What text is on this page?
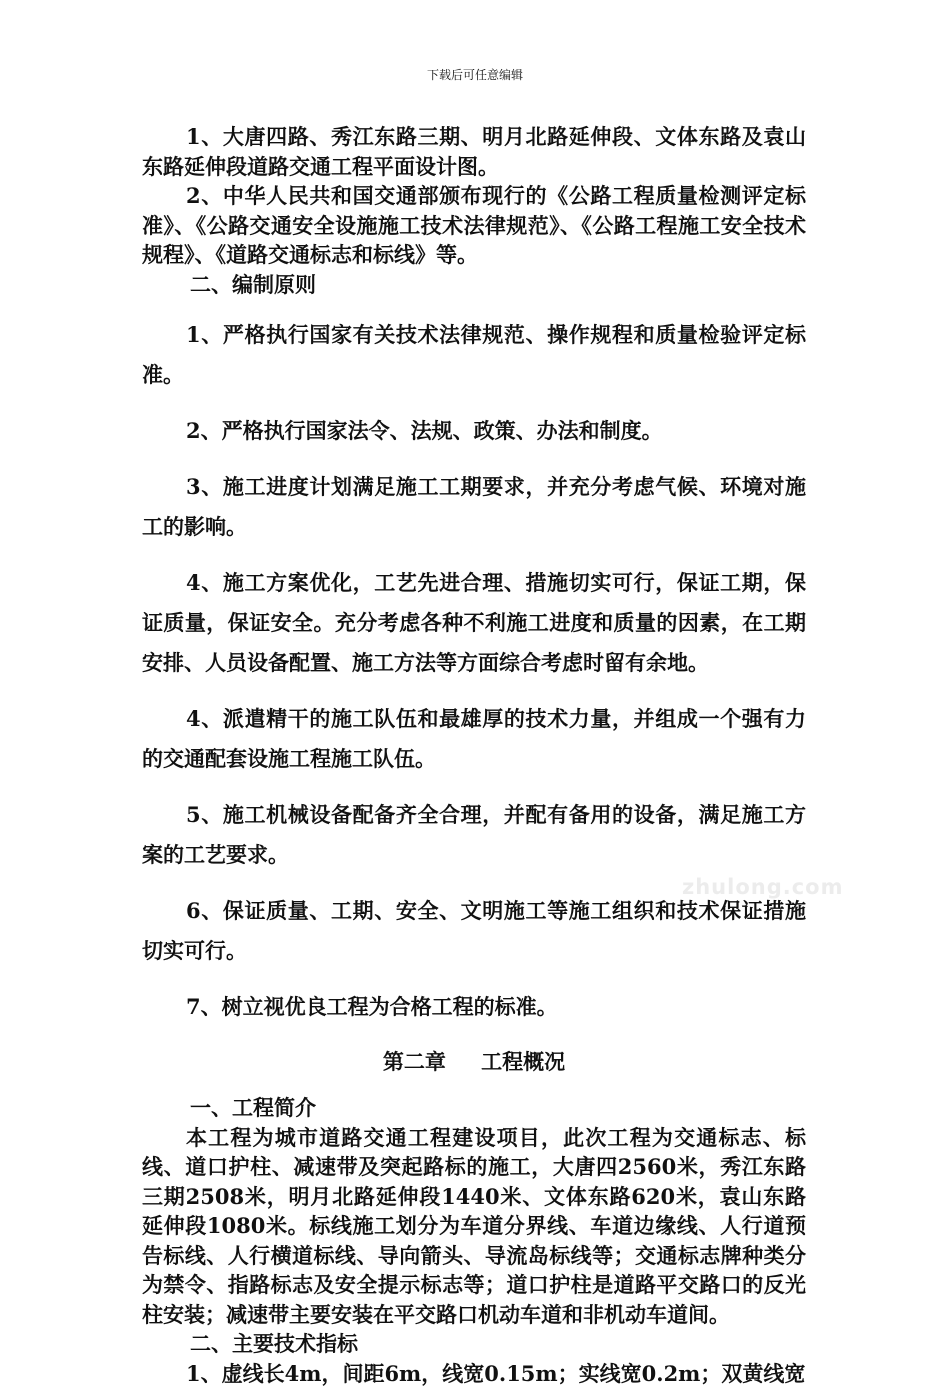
下载后可任意编辑

1、大唐四路、秀江东路三期、明月北路延伸段、文体东路及袁山东路延伸段道路交通工程平面设计图。

2、中华人民共和国交通部颁布现行的《公路工程质量检测评定标准》、《公路交通安全设施施工技术法律规范》、《公路工程施工安全技术规程》、《道路交通标志和标线》等。

二、编制原则

1、严格执行国家有关技术法律规范、操作规程和质量检验评定标准。

2、严格执行国家法令、法规、政策、办法和制度。

3、施工进度计划满足施工工期要求，并充分考虑气候、环境对施工的影响。

4、施工方案优化，工艺先进合理、措施切实可行，保证工期，保证质量，保证安全。充分考虑各种不利施工进度和质量的因素，在工期安排、人员设备配置、施工方法等方面综合考虑时留有余地。

4、派遣精干的施工队伍和最雄厚的技术力量，并组成一个强有力的交通配套设施工程施工队伍。

5、施工机械设备配备齐全合理，并配有备用的设备，满足施工方案的工艺要求。

6、保证质量、工期、安全、文明施工等施工组织和技术保证措施切实可行。

7、树立视优良工程为合格工程的标准。

第二章 工程概况

一、工程简介

本工程为城市道路交通工程建设项目，此次工程为交通标志、标线、道口护柱、减速带及突起路标的施工，大唐四2560米，秀江东路三期2508米，明月北路延伸段1440米、文体东路620米，袁山东路延伸段1080米。标线施工划分为车道分界线、车道边缘线、人行道预告标线、人行横道标线、导向箭头、导流岛标线等；交通标志牌种类分为禁令、指路标志及安全提示标志等；道口护柱是道路平交路口的反光柱安装；减速带主要安装在平交路口机动车道和非机动车道间。

二、主要技术指标

1、虚线长4m，间距6m，线宽0.15m；实线宽0.2m；双黄线宽

zhulong.com
